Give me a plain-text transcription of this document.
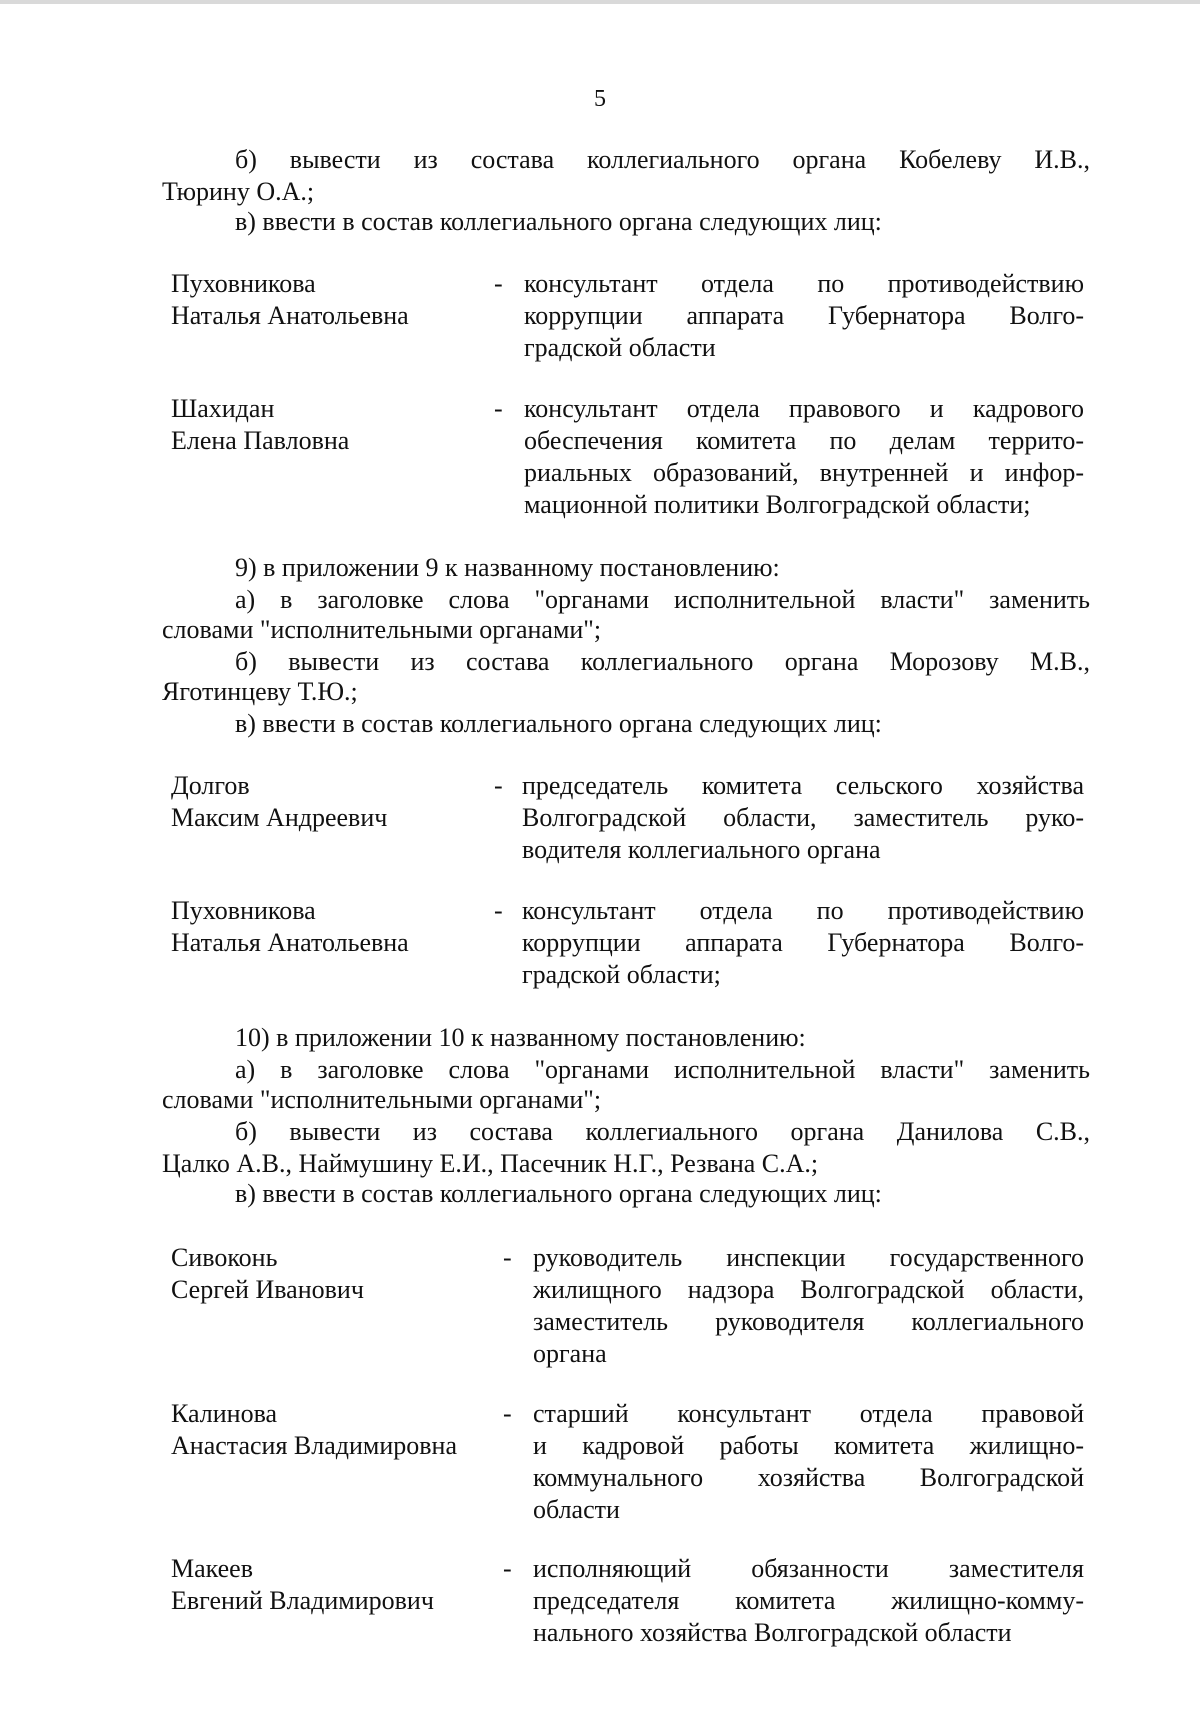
5
б) вывести из состава коллегиального органа Кобелеву И.В.,
Тюрину О.А.;
в) ввести в состав коллегиального органа следующих лиц:
Пуховникова
Наталья Анатольевна
- консультант отдела по противодействию
коррупции аппарата Губернатора Волго-
градской области
Шахидан
Елена Павловна
- консультант отдела правового и кадрового
обеспечения комитета по делам террито-
риальных образований, внутренней и инфор-
мационной политики Волгоградской области;
9) в приложении 9 к названному постановлению:
а) в заголовке слова "органами исполнительной власти" заменить
словами "исполнительными органами";
б) вывести из состава коллегиального органа Морозову М.В.,
Яготинцеву Т.Ю.;
в) ввести в состав коллегиального органа следующих лиц:
Долгов
Максим Андреевич
- председатель комитета сельского хозяйства
Волгоградской области, заместитель руко-
водителя коллегиального органа
Пуховникова
Наталья Анатольевна
- консультант отдела по противодействию
коррупции аппарата Губернатора Волго-
градской области;
10) в приложении 10 к названному постановлению:
а) в заголовке слова "органами исполнительной власти" заменить
словами "исполнительными органами";
б) вывести из состава коллегиального органа Данилова С.В.,
Цалко А.В., Наймушину Е.И., Пасечник Н.Г., Резвана С.А.;
в) ввести в состав коллегиального органа следующих лиц:
Сивоконь
Сергей Иванович
- руководитель инспекции государственного
жилищного надзора Волгоградской области,
заместитель руководителя коллегиального
органа
Калинова
Анастасия Владимировна
- старший консультант отдела правовой
и кадровой работы комитета жилищно-
коммунального хозяйства Волгоградской
области
Макеев
Евгений Владимирович
- исполняющий обязанности заместителя
председателя комитета жилищно-комму-
нального хозяйства Волгоградской области
